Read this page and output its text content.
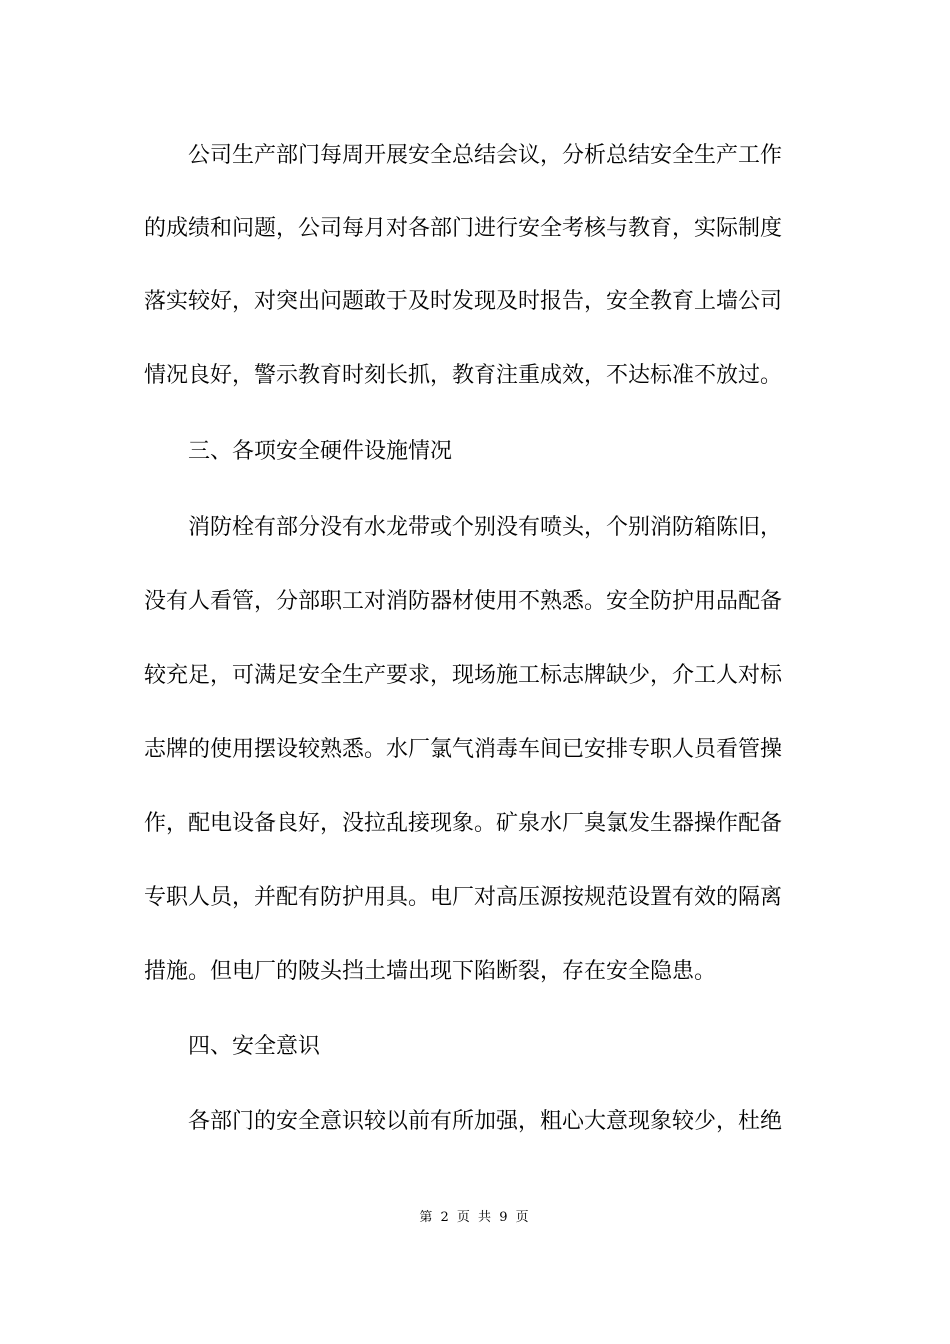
公司生产部门每周开展安全总结会议，分析总结安全生产工作

的成绩和问题，公司每月对各部门进行安全考核与教育，实际制度

落实较好，对突出问题敢于及时发现及时报告，安全教育上墙公司

情况良好，警示教育时刻长抓，教育注重成效，不达标准不放过。

三、各项安全硬件设施情况

消防栓有部分没有水龙带或个别没有喷头，个别消防箱陈旧，

没有人看管，分部职工对消防器材使用不熟悉。安全防护用品配备

较充足，可满足安全生产要求，现场施工标志牌缺少，介工人对标

志牌的使用摆设较熟悉。水厂氯气消毒车间已安排专职人员看管操

作，配电设备良好，没拉乱接现象。矿泉水厂臭氯发生器操作配备

专职人员，并配有防护用具。电厂对高压源按规范设置有效的隔离

措施。但电厂的陂头挡土墙出现下陷断裂，存在安全隐患。

四、安全意识

各部门的安全意识较以前有所加强，粗心大意现象较少，杜绝

第 2 页 共 9 页
